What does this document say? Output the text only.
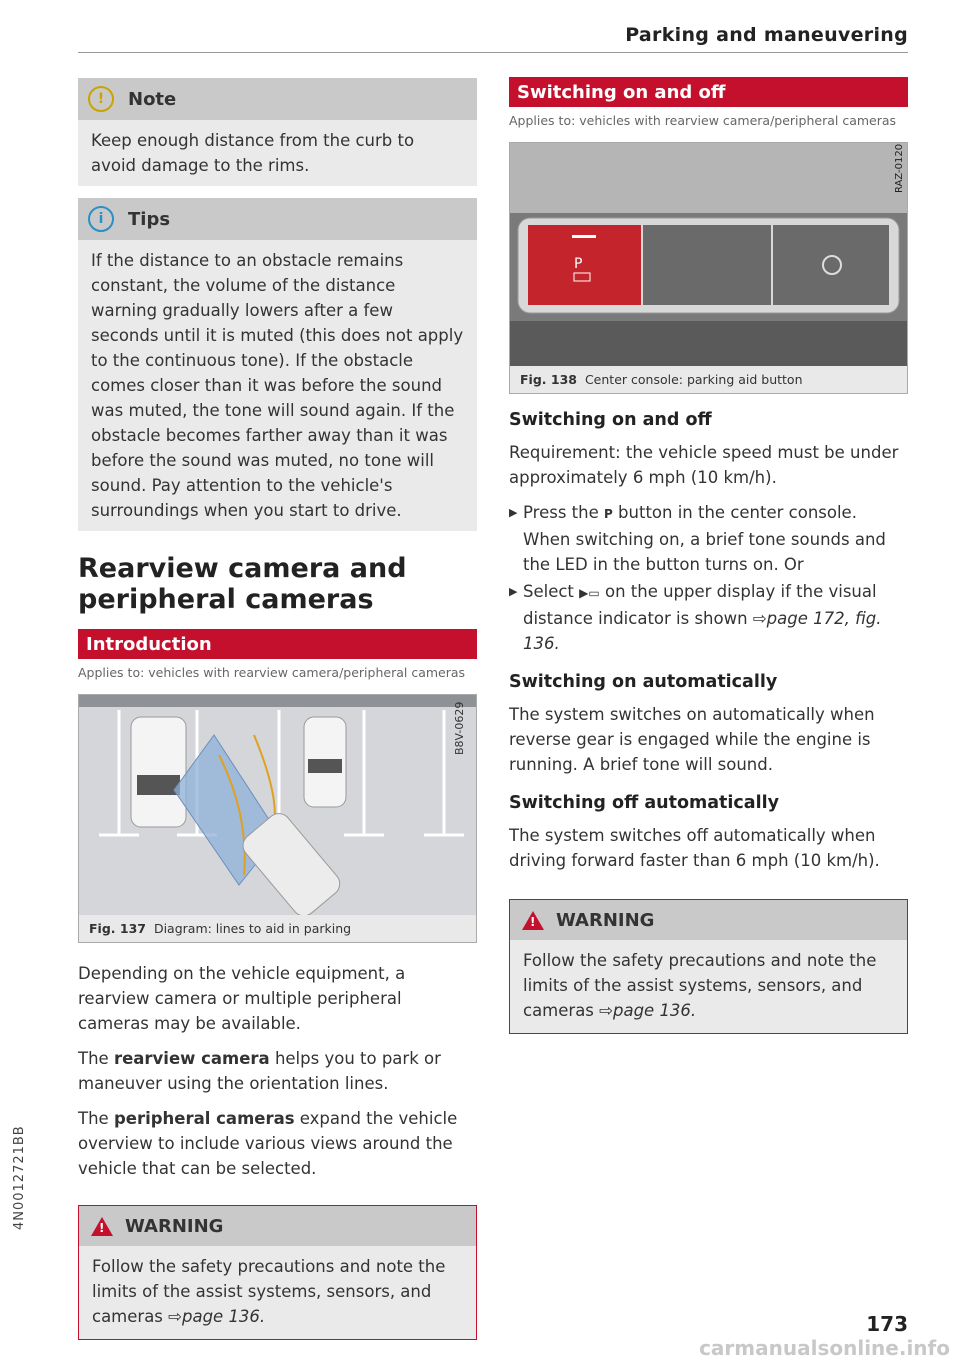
Parking and maneuvering
!	Note
Keep enough distance from the curb to avoid damage to the rims.
i	Tips
If the distance to an obstacle remains constant, the volume of the distance warning gradually lowers after a few seconds until it is muted (this does not apply to the continuous tone). If the obstacle comes closer than it was before the sound was muted, the tone will sound again. If the obstacle becomes farther away than it was before the sound was muted, no tone will sound. Pay attention to the vehicle's surroundings when you start to drive.
Rearview camera and peripheral cameras
Introduction
Applies to: vehicles with rearview camera/peripheral cameras
B8V-0629
Fig. 137 Diagram: lines to aid in parking

Depending on the vehicle equipment, a rearview camera or multiple peripheral cameras may be available.

The rearview camera helps you to park or maneuver using the orientation lines.

The peripheral cameras expand the vehicle overview to include various views around the vehicle that can be selected.

! WARNING
Follow the safety precautions and note the limits of the assist systems, sensors, and cameras ⇨page 136.
Switching on and off
Applies to: vehicles with rearview camera/peripheral cameras
P
RAZ-0120
Fig. 138 Center console: parking aid button
Switching on and off

Requirement: the vehicle speed must be under approximately 6 mph (10 km/h).

▶ Press the P button in the center console. When switching on, a brief tone sounds and the LED in the button turns on. Or
▶ Select ▶▭ on the upper display if the visual distance indicator is shown ⇨page 172, fig. 136.
Switching on automatically

The system switches on automatically when reverse gear is engaged while the engine is running. A brief tone will sound.

Switching off automatically

The system switches off automatically when driving forward faster than 6 mph (10 km/h).

! WARNING
Follow the safety precautions and note the limits of the assist systems, sensors, and cameras ⇨page 136.
4N0012721BB
173
carmanualsonline.info
